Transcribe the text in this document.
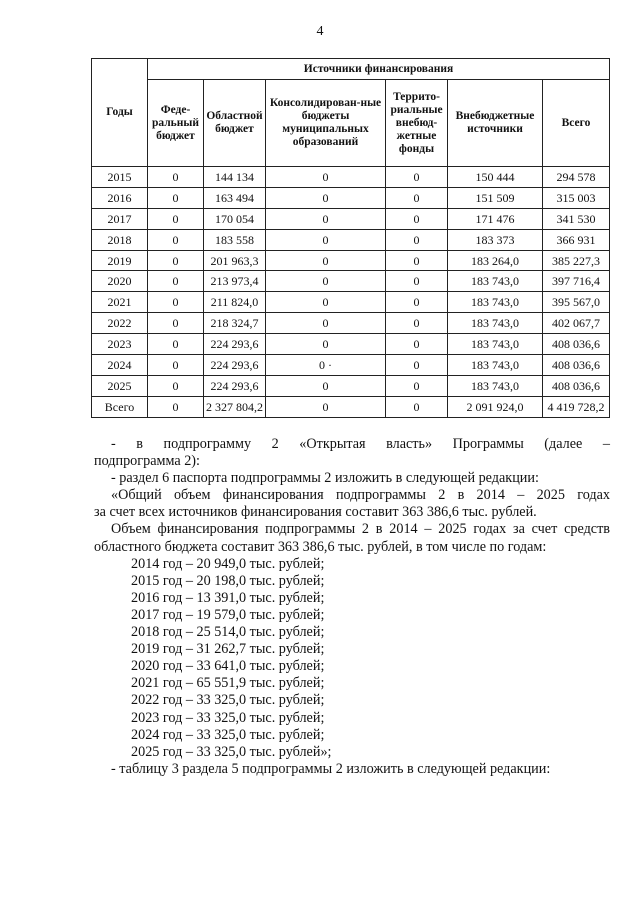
4
Годы	Источники финансирования					
	Феде-ральный бюджет	Областной бюджет	Консолидирован-ные бюджеты муниципальных образований	Террито-риальные внебюд-жетные фонды	Внебюджетные источники	Всего
2015	0	144 134	0	0	150 444	294 578
2016	0	163 494	0	0	151 509	315 003
2017	0	170 054	0	0	171 476	341 530
2018	0	183 558	0	0	183 373	366 931
2019	0	201 963,3	0	0	183 264,0	385 227,3
2020	0	213 973,4	0	0	183 743,0	397 716,4
2021	0	211 824,0	0	0	183 743,0	395 567,0
2022	0	218 324,7	0	0	183 743,0	402 067,7
2023	0	224 293,6	0	0	183 743,0	408 036,6
2024	0	224 293,6	0 ·	0	183 743,0	408 036,6
2025	0	224 293,6	0	0	183 743,0	408 036,6
Всего	0	2 327 804,2	0	0	2 091 924,0	4 419 728,2

- в подпрограмму 2 «Открытая власть» Программы (далее –

подпрограмма 2):

- раздел 6 паспорта подпрограммы 2 изложить в следующей редакции:

«Общий объем финансирования подпрограммы 2 в 2014 – 2025 годах

за счет всех источников финансирования составит 363 386,6 тыс. рублей.

Объем финансирования подпрограммы 2 в 2014 – 2025 годах за счет средств

областного бюджета составит 363 386,6 тыс. рублей, в том числе по годам:

2014 год – 20 949,0 тыс. рублей;

2015 год – 20 198,0 тыс. рублей;

2016 год – 13 391,0 тыс. рублей;

2017 год – 19 579,0 тыс. рублей;

2018 год – 25 514,0 тыс. рублей;

2019 год – 31 262,7 тыс. рублей;

2020 год – 33 641,0 тыс. рублей;

2021 год – 65 551,9 тыс. рублей;

2022 год – 33 325,0 тыс. рублей;

2023 год – 33 325,0 тыс. рублей;

2024 год – 33 325,0 тыс. рублей;

2025 год – 33 325,0 тыс. рублей»;

- таблицу 3 раздела 5 подпрограммы 2 изложить в следующей редакции:
